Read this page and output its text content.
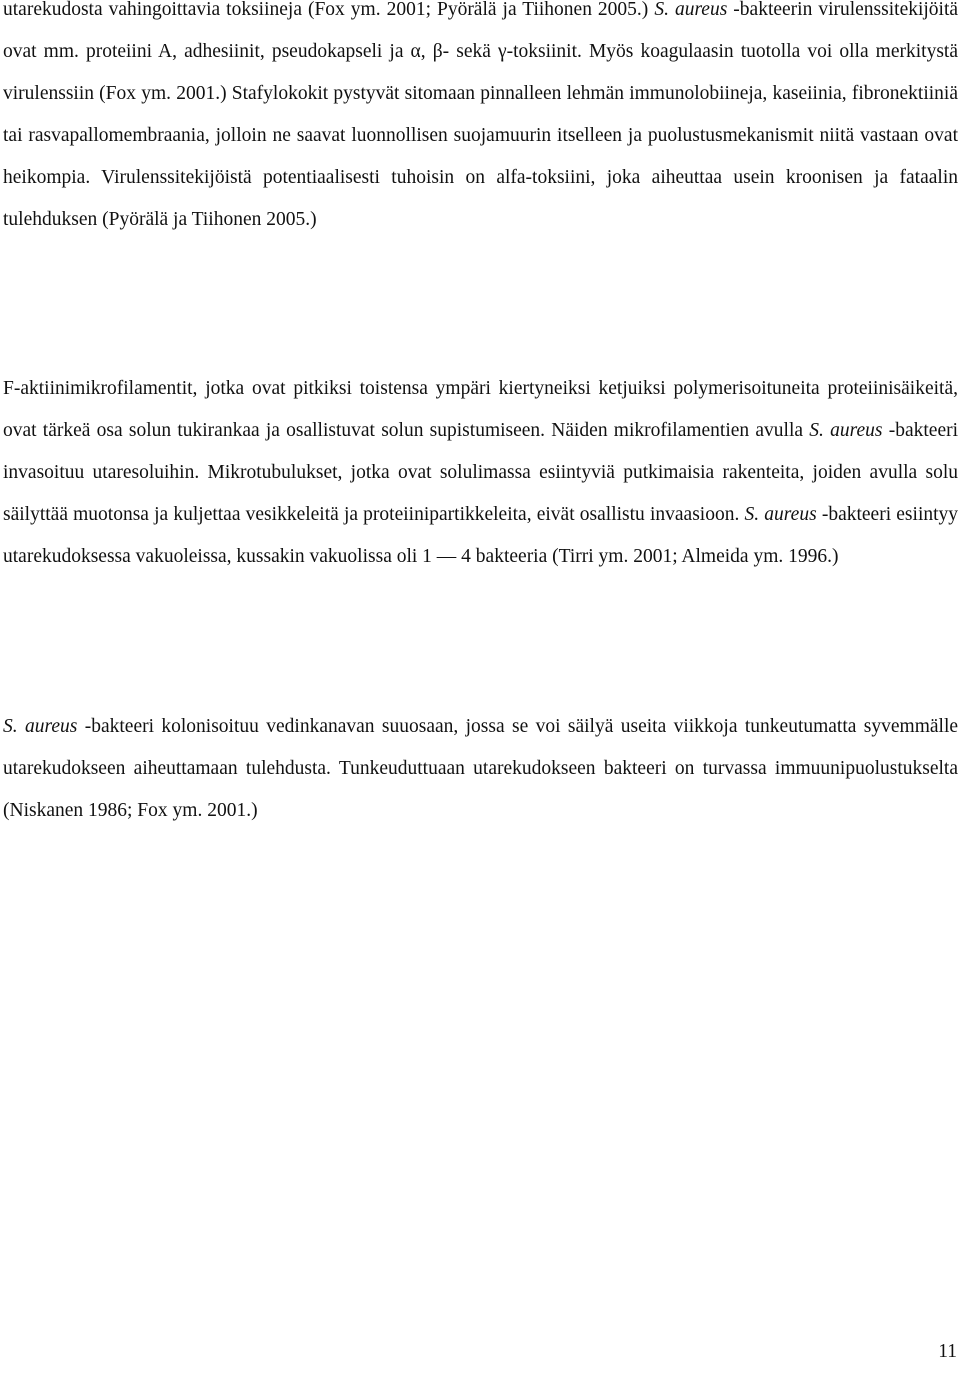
utarekudosta vahingoittavia toksiineja (Fox ym. 2001; Pyörälä ja Tiihonen 2005.) S. aureus -bakteerin virulenssitekijöitä ovat mm. proteiini A, adhesiinit, pseudokapseli ja α, β- sekä γ-toksiinit. Myös koagulaasin tuotolla voi olla merkitystä virulenssiin (Fox ym. 2001.) Stafylokokit pystyvät sitomaan pinnalleen lehmän immunolobiineja, kaseiinia, fibronektiiniä tai rasvapallomembraania, jolloin ne saavat luonnollisen suojamuurin itselleen ja puolustusmekanismit niitä vastaan ovat heikompia. Virulenssitekijöistä potentiaalisesti tuhoisin on alfa-toksiini, joka aiheuttaa usein kroonisen ja fataalin tulehduksen (Pyörälä ja Tiihonen 2005.)

F-aktiinimikrofilamentit, jotka ovat pitkiksi toistensa ympäri kiertyneiksi ketjuiksi polymerisoituneita proteiinisäikeitä, ovat tärkeä osa solun tukirankaa ja osallistuvat solun supistumiseen. Näiden mikrofilamentien avulla S. aureus -bakteeri invasoituu utaresoluihin. Mikrotubulukset, jotka ovat solulimassa esiintyviä putkimaisia rakenteita, joiden avulla solu säilyttää muotonsa ja kuljettaa vesikkeleitä ja proteiinipartikkeleita, eivät osallistu invaasioon. S. aureus -bakteeri esiintyy utarekudoksessa vakuoleissa, kussakin vakuolissa oli 1 — 4 bakteeria (Tirri ym. 2001; Almeida ym. 1996.)

S. aureus -bakteeri kolonisoituu vedinkanavan suuosaan, jossa se voi säilyä useita viikkoja tunkeutumatta syvemmälle utarekudokseen aiheuttamaan tulehdusta. Tunkeuduttuaan utarekudokseen bakteeri on turvassa immuunipuolustukselta (Niskanen 1986; Fox ym. 2001.)

11
